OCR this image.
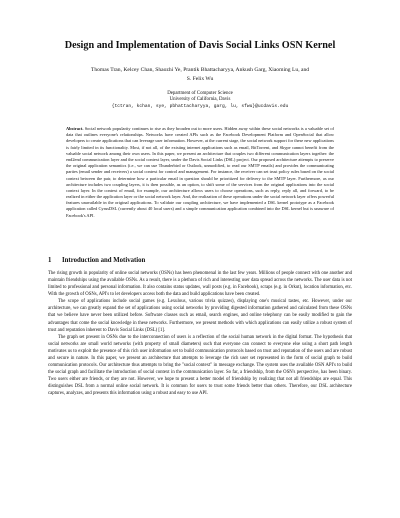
Design and Implementation of Davis Social Links OSN Kernel
Thomas Tran, Kelcey Chan, Shaozhi Ye, Prantik Bhattacharyya, Ankush Garg, Xiaoming Lu, and
S. Felix Wu
Department of Computer Science
University of California, Davis
{tctran, kchan, sye, pbhattacharyya, garg, lu, sfwu}@ucdavis.edu
Abstract. Social network popularity continues to rise as they broaden out to more users. Hidden away within these social networks is a valuable set of data that outlines everyone's relationships. Networks have created APIs such as the Facebook Development Platform and OpenSocial that allow developers to create applications that can leverage user information. However, at the current stage, the social network support for these new applications is fairly limited in its functionality. Most, if not all, of the existing internet applications such as email, BitTorrent, and Skype cannot benefit from the valuable social network among their own users. In this paper, we present an architecture that couples two different communication layers together: the end2end communication layer and the social context layer, under the Davis Social Links (DSL) project. Our proposed architecture attempts to preserve the original application semantics (i.e., we can use Thunderbird or Outlook, unmodified, to read our SMTP emails) and provides the communicating parties (email sender and receivers) a social context for control and management. For instance, the receiver can set trust policy rules based on the social context between the pair, to determine how a particular email in question should be prioritized for delivery to the SMTP layer. Furthermore, as our architecture includes two coupling layers, it is then possible, as an option, to shift some of the services from the original applications into the social context layer. In the context of email, for example, our architecture allows users to choose operations, such as reply, reply all, and forward, to be realized in either the application layer or the social network layer. And, the realization of these operations under the social network layer offers powerful features unavailable in the original applications. To validate our coupling architecture, we have implemented a DSL kernel prototype as a Facebook application called CyrusDSL (currently about 40 local users) and a simple communication application combined into the DSL kernel but is unaware of Facebook's API.
1 Introduction and Motivation

The rising growth in popularity of online social networks (OSNs) has been phenomenal in the last few years. Millions of people connect with one another and maintain friendships using the available OSNs. As a result, there is a plethora of rich and interesting user data spread across the networks. The user data is not limited to professional and personal information. It also contains status updates, wall posts (e.g. in Facebook), scraps (e.g. in Orkut), location information, etc. With the growth of OSNs, API's to let developers access both the data and build applications have been created.

The scope of applications include social games (e.g. Lexulous, various trivia quizzes), displaying one's musical tastes, etc. However, under our architecture, we can greatly expand the set of applications using social networks by providing digested information gathered and calculated from these OSNs that we believe have never been utilized before. Software classes such as email, search engines, and online telephony can be easily modified to gain the advantages that come the social knowledge in these networks. Furthermore, we present methods with which applications can easily utilize a robust system of trust and reputation inherent to Davis Social Links (DSL) [1].

The graph set present in OSNs due to the interconnection of users is a reflection of the social human network in the digital format. The hypothesis that social networks are small world networks (with property of small diameters) such that everyone can connect to everyone else using a short path length motivates us to exploit the presence of this rich user information set to build communication protocols based on trust and reputation of the users and are robust and secure in nature. In this paper, we present an architecture that attempts to leverage the rich user set represented in the form of social graph to build communication protocols. Our architecture thus attempts to bring the "social context" in message exchange. The system uses the available OSN API's to build the social graph and facilitate the introduction of social context in the communication layer. So far, a friendship, from the OSN's perspective, has been binary. Two users either are friends, or they are not. However, we hope to present a better model of friendship by realizing that not all friendships are equal. This distinguishes DSL from a normal online social network. It is common for users to trust some friends better than others. Therefore, our DSL architecture captures, analyzes, and presents this information using a robust and easy to use API.
